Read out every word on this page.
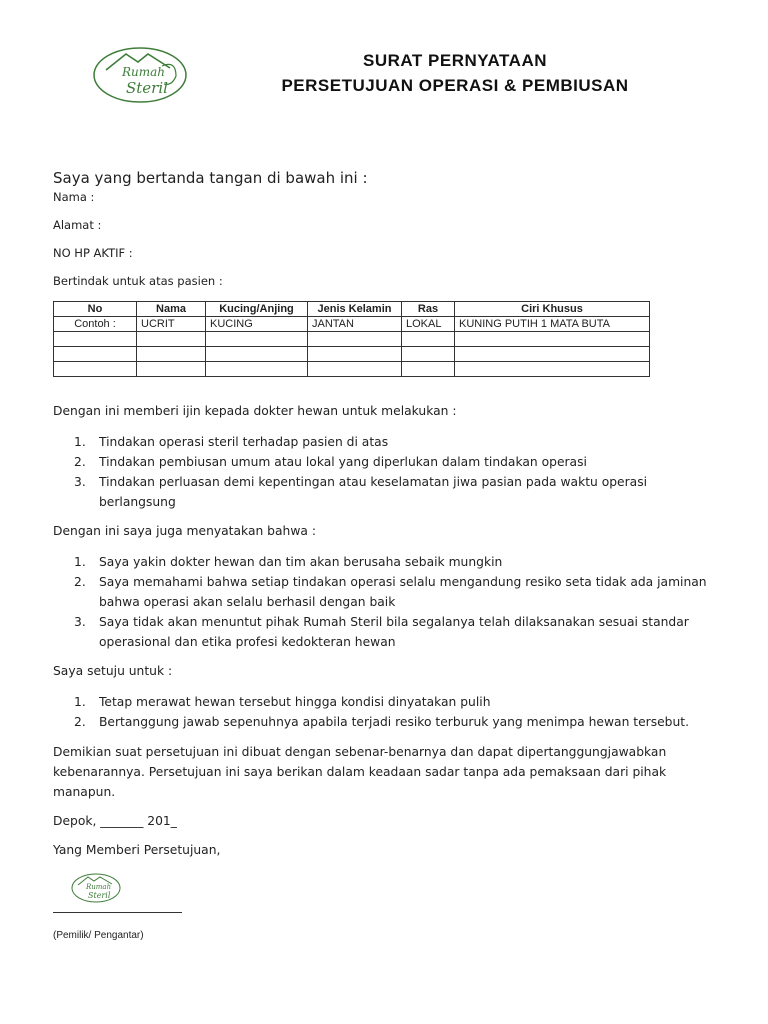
Rumah
Steril
SURAT PERNYATAAN
PERSETUJUAN OPERASI & PEMBIUSAN
Saya yang bertanda tangan di bawah ini :
Nama :
Alamat :
NO HP AKTIF :
Bertindak untuk atas pasien :
No	Nama	Kucing/Anjing	Jenis Kelamin	Ras	Ciri Khusus
Contoh :	UCRIT	KUCING	JANTAN	LOKAL	KUNING PUTIH 1 MATA BUTA

Dengan ini memberi ijin kepada dokter hewan untuk melakukan :
1. Tindakan operasi steril terhadap pasien di atas
2. Tindakan pembiusan umum atau lokal yang diperlukan dalam tindakan operasi
3. Tindakan perluasan demi kepentingan atau keselamatan jiwa pasian pada waktu operasi
berlangsung
Dengan ini saya juga menyatakan bahwa :
1. Saya yakin dokter hewan dan tim akan berusaha sebaik mungkin
2. Saya memahami bahwa setiap tindakan operasi selalu mengandung resiko seta tidak ada jaminan
bahwa operasi akan selalu berhasil dengan baik
3. Saya tidak akan menuntut pihak Rumah Steril bila segalanya telah dilaksanakan sesuai standar
operasional dan etika profesi kedokteran hewan
Saya setuju untuk :
1. Tetap merawat hewan tersebut hingga kondisi dinyatakan pulih
2. Bertanggung jawab sepenuhnya apabila terjadi resiko terburuk yang menimpa hewan tersebut.
Demikian suat persetujuan ini dibuat dengan sebenar-benarnya dan dapat dipertanggungjawabkan
kebenarannya. Persetujuan ini saya berikan dalam keadaan sadar tanpa ada pemaksaan dari pihak
manapun.
Depok, _______ 201_
Yang Memberi Persetujuan,
Rumah
Steril
(Pemilik/ Pengantar)
